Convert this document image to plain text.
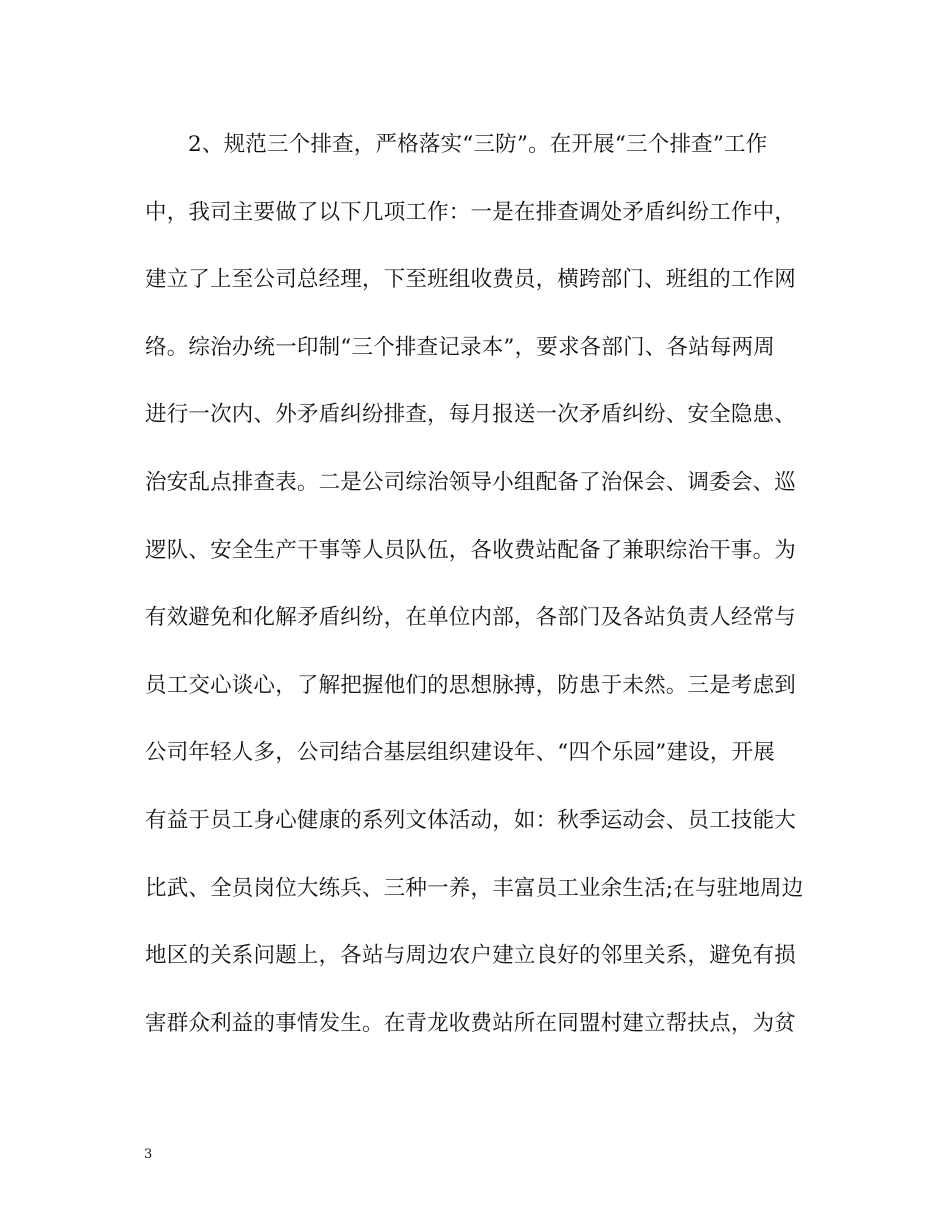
2、规范三个排查，严格落实“三防”。在开展“三个排查”工作
中，我司主要做了以下几项工作：一是在排查调处矛盾纠纷工作中，
建立了上至公司总经理，下至班组收费员，横跨部门、班组的工作网
络。综治办统一印制“三个排查记录本”，要求各部门、各站每两周
进行一次内、外矛盾纠纷排查，每月报送一次矛盾纠纷、安全隐患、
治安乱点排查表。二是公司综治领导小组配备了治保会、调委会、巡
逻队、安全生产干事等人员队伍，各收费站配备了兼职综治干事。为
有效避免和化解矛盾纠纷，在单位内部，各部门及各站负责人经常与
员工交心谈心，了解把握他们的思想脉搏，防患于未然。三是考虑到
公司年轻人多，公司结合基层组织建设年、“四个乐园”建设，开展
有益于员工身心健康的系列文体活动，如：秋季运动会、员工技能大
比武、全员岗位大练兵、三种一养，丰富员工业余生活;在与驻地周边
地区的关系问题上，各站与周边农户建立良好的邻里关系，避免有损
害群众利益的事情发生。在青龙收费站所在同盟村建立帮扶点，为贫
3
